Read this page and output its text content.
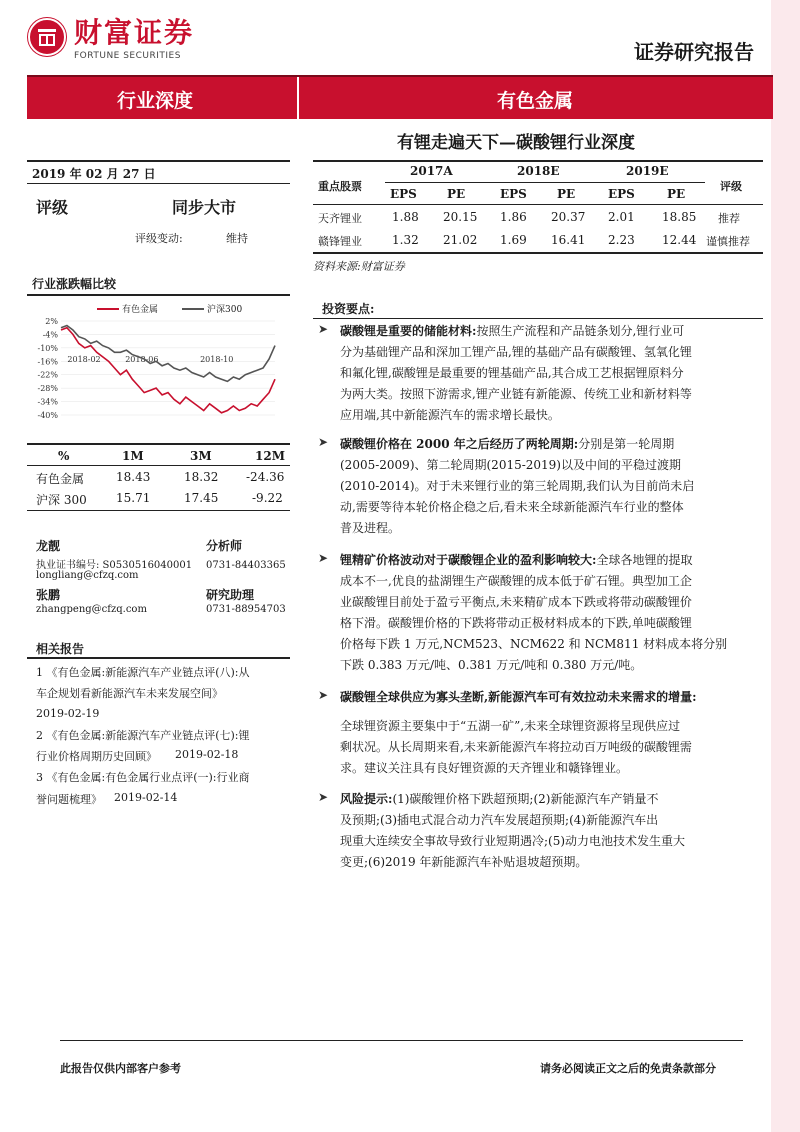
财富证券
FORTUNE SECURITIES	证券研究报告
行业深度	有色金属
有锂走遍天下—碳酸锂行业深度
2019 年 02 月 27 日
评级	同步大市
评级变动:	维持
行业涨跌幅比较
2%
-4%
-10%
-16%
-22%
-28%
-34%
-40%
2018-02	2018-06	2018-10
有色金属	沪深300
%	1M	3M	12M
有色金属	18.43	18.32 -24.36
沪深 300 15.71	17.45	-9.22
龙靓	分析师
执业证书编号: S0530516040001 0731-84403365
longliang@cfzq.com
张鹏	研究助理
zhangpeng@cfzq.com	0731-88954703
相关报告
1 《有色金属:新能源汽车产业链点评(八):从
车企规划看新能源汽车未来发展空间》
2019-02-19
2 《有色金属:新能源汽车产业链点评(七):锂
行业价格周期历史回顾》 2019-02-18
3 《有色金属:有色金属行业点评(一):行业商
誉问题梳理》 2019-02-14
重点股票
2017A	2018E	2019E
EPS	PE	EPS	PE	EPS	PE
评级
天齐锂业	1.88 20.15 1.86 20.37 2.01 18.85 推荐
赣锋锂业	1.32 21.02 1.69 16.41 2.23 12.44 谨慎推荐
资料来源:财富证券
投资要点:
➤ 碳酸锂是重要的储能材料:按照生产流程和产品链条划分,锂行业可
分为基础锂产品和深加工锂产品,锂的基础产品有碳酸锂、氢氧化锂
和氟化锂,碳酸锂是最重要的锂基础产品,其合成工艺根据锂原料分
为两大类。按照下游需求,锂产业链有新能源、传统工业和新材料等
应用端,其中新能源汽车的需求增长最快。
➤ 碳酸锂价格在 2000 年之后经历了两轮周期:分别是第一轮周期
(2005-2009)、第二轮周期(2015-2019)以及中间的平稳过渡期
(2010-2014)。对于未来锂行业的第三轮周期,我们认为目前尚未启
动,需要等待本轮价格企稳之后,看未来全球新能源汽车行业的整体
普及进程。
➤ 锂精矿价格波动对于碳酸锂企业的盈利影响较大:全球各地锂的提取
成本不一,优良的盐湖锂生产碳酸锂的成本低于矿石锂。典型加工企
业碳酸锂目前处于盈亏平衡点,未来精矿成本下跌或将带动碳酸锂价
格下滑。碳酸锂价格的下跌将带动正极材料成本的下跌,单吨碳酸锂
价格每下跌 1 万元,NCM523、NCM622 和 NCM811 材料成本将分别
下跌 0.383 万元/吨、0.381 万元/吨和 0.380 万元/吨。
➤ 碳酸锂全球供应为寡头垄断,新能源汽车可有效拉动未来需求的增量:
全球锂资源主要集中于“五湖一矿”,未来全球锂资源将呈现供应过
剩状况。从长周期来看,未来新能源汽车将拉动百万吨级的碳酸锂需
求。建议关注具有良好锂资源的天齐锂业和赣锋锂业。
➤ 风险提示:(1)碳酸锂价格下跌超预期;(2)新能源汽车产销量不
及预期;(3)插电式混合动力汽车发展超预期;(4)新能源汽车出
现重大连续安全事故导致行业短期遇冷;(5)动力电池技术发生重大
变更;(6)2019 年新能源汽车补贴退坡超预期。
此报告仅供内部客户参考	请务必阅读正文之后的免责条款部分
